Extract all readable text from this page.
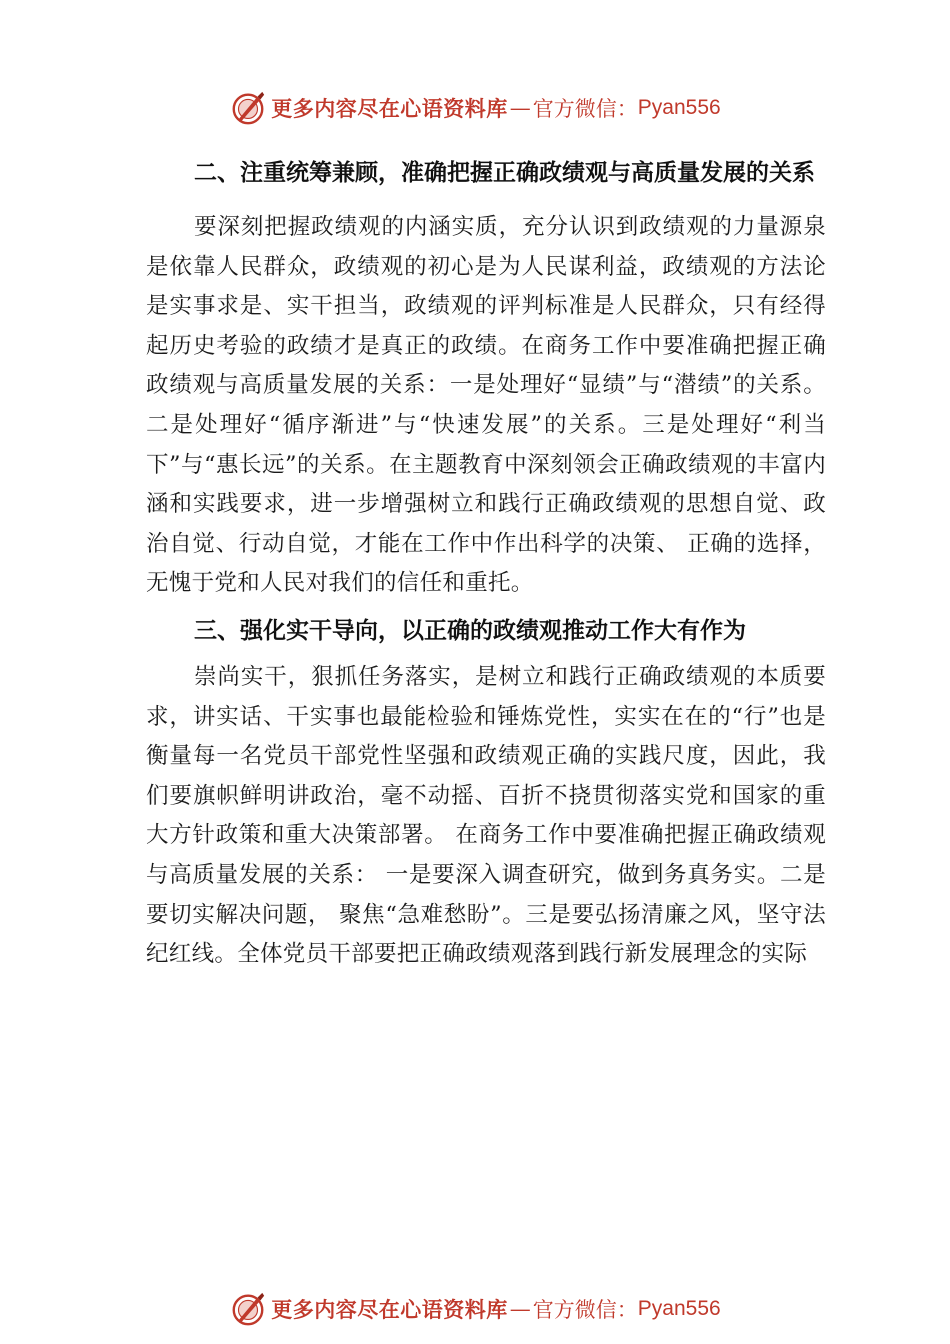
更多内容尽在心语资料库 — 官方微信： Pyan556

二、注重统筹兼顾，准确把握正确政绩观与高质量发展的关系

要深刻把握政绩观的内涵实质，充分认识到政绩观的力量源泉是依靠人民群众，政绩观的初心是为人民谋利益，政绩观的方法论是实事求是、实干担当，政绩观的评判标准是人民群众，只有经得起历史考验的政绩才是真正的政绩。在商务工作中要准确把握正确政绩观与高质量发展的关系：一是处理好“显绩”与“潜绩”的关系。二是处理好“循序渐进”与“快速发展”的关系。三是处理好“利当下”与“惠长远”的关系。在主题教育中深刻领会正确政绩观的丰富内涵和实践要求，进一步增强树立和践行正确政绩观的思想自觉、政治自觉、行动自觉，才能在工作中作出科学的决策、 正确的选择，无愧于党和人民对我们的信任和重托。

三、强化实干导向，以正确的政绩观推动工作大有作为

崇尚实干，狠抓任务落实，是树立和践行正确政绩观的本质要求，讲实话、干实事也最能检验和锤炼党性，实实在在的“行”也是衡量每一名党员干部党性坚强和政绩观正确的实践尺度，因此，我们要旗帜鲜明讲政治，毫不动摇、百折不挠贯彻落实党和国家的重大方针政策和重大决策部署。 在商务工作中要准确把握正确政绩观与高质量发展的关系： 一是要深入调查研究，做到务真务实。二是要切实解决问题， 聚焦“急难愁盼”。三是要弘扬清廉之风，坚守法纪红线。全体党员干部要把正确政绩观落到践行新发展理念的实际

更多内容尽在心语资料库 — 官方微信： Pyan556
